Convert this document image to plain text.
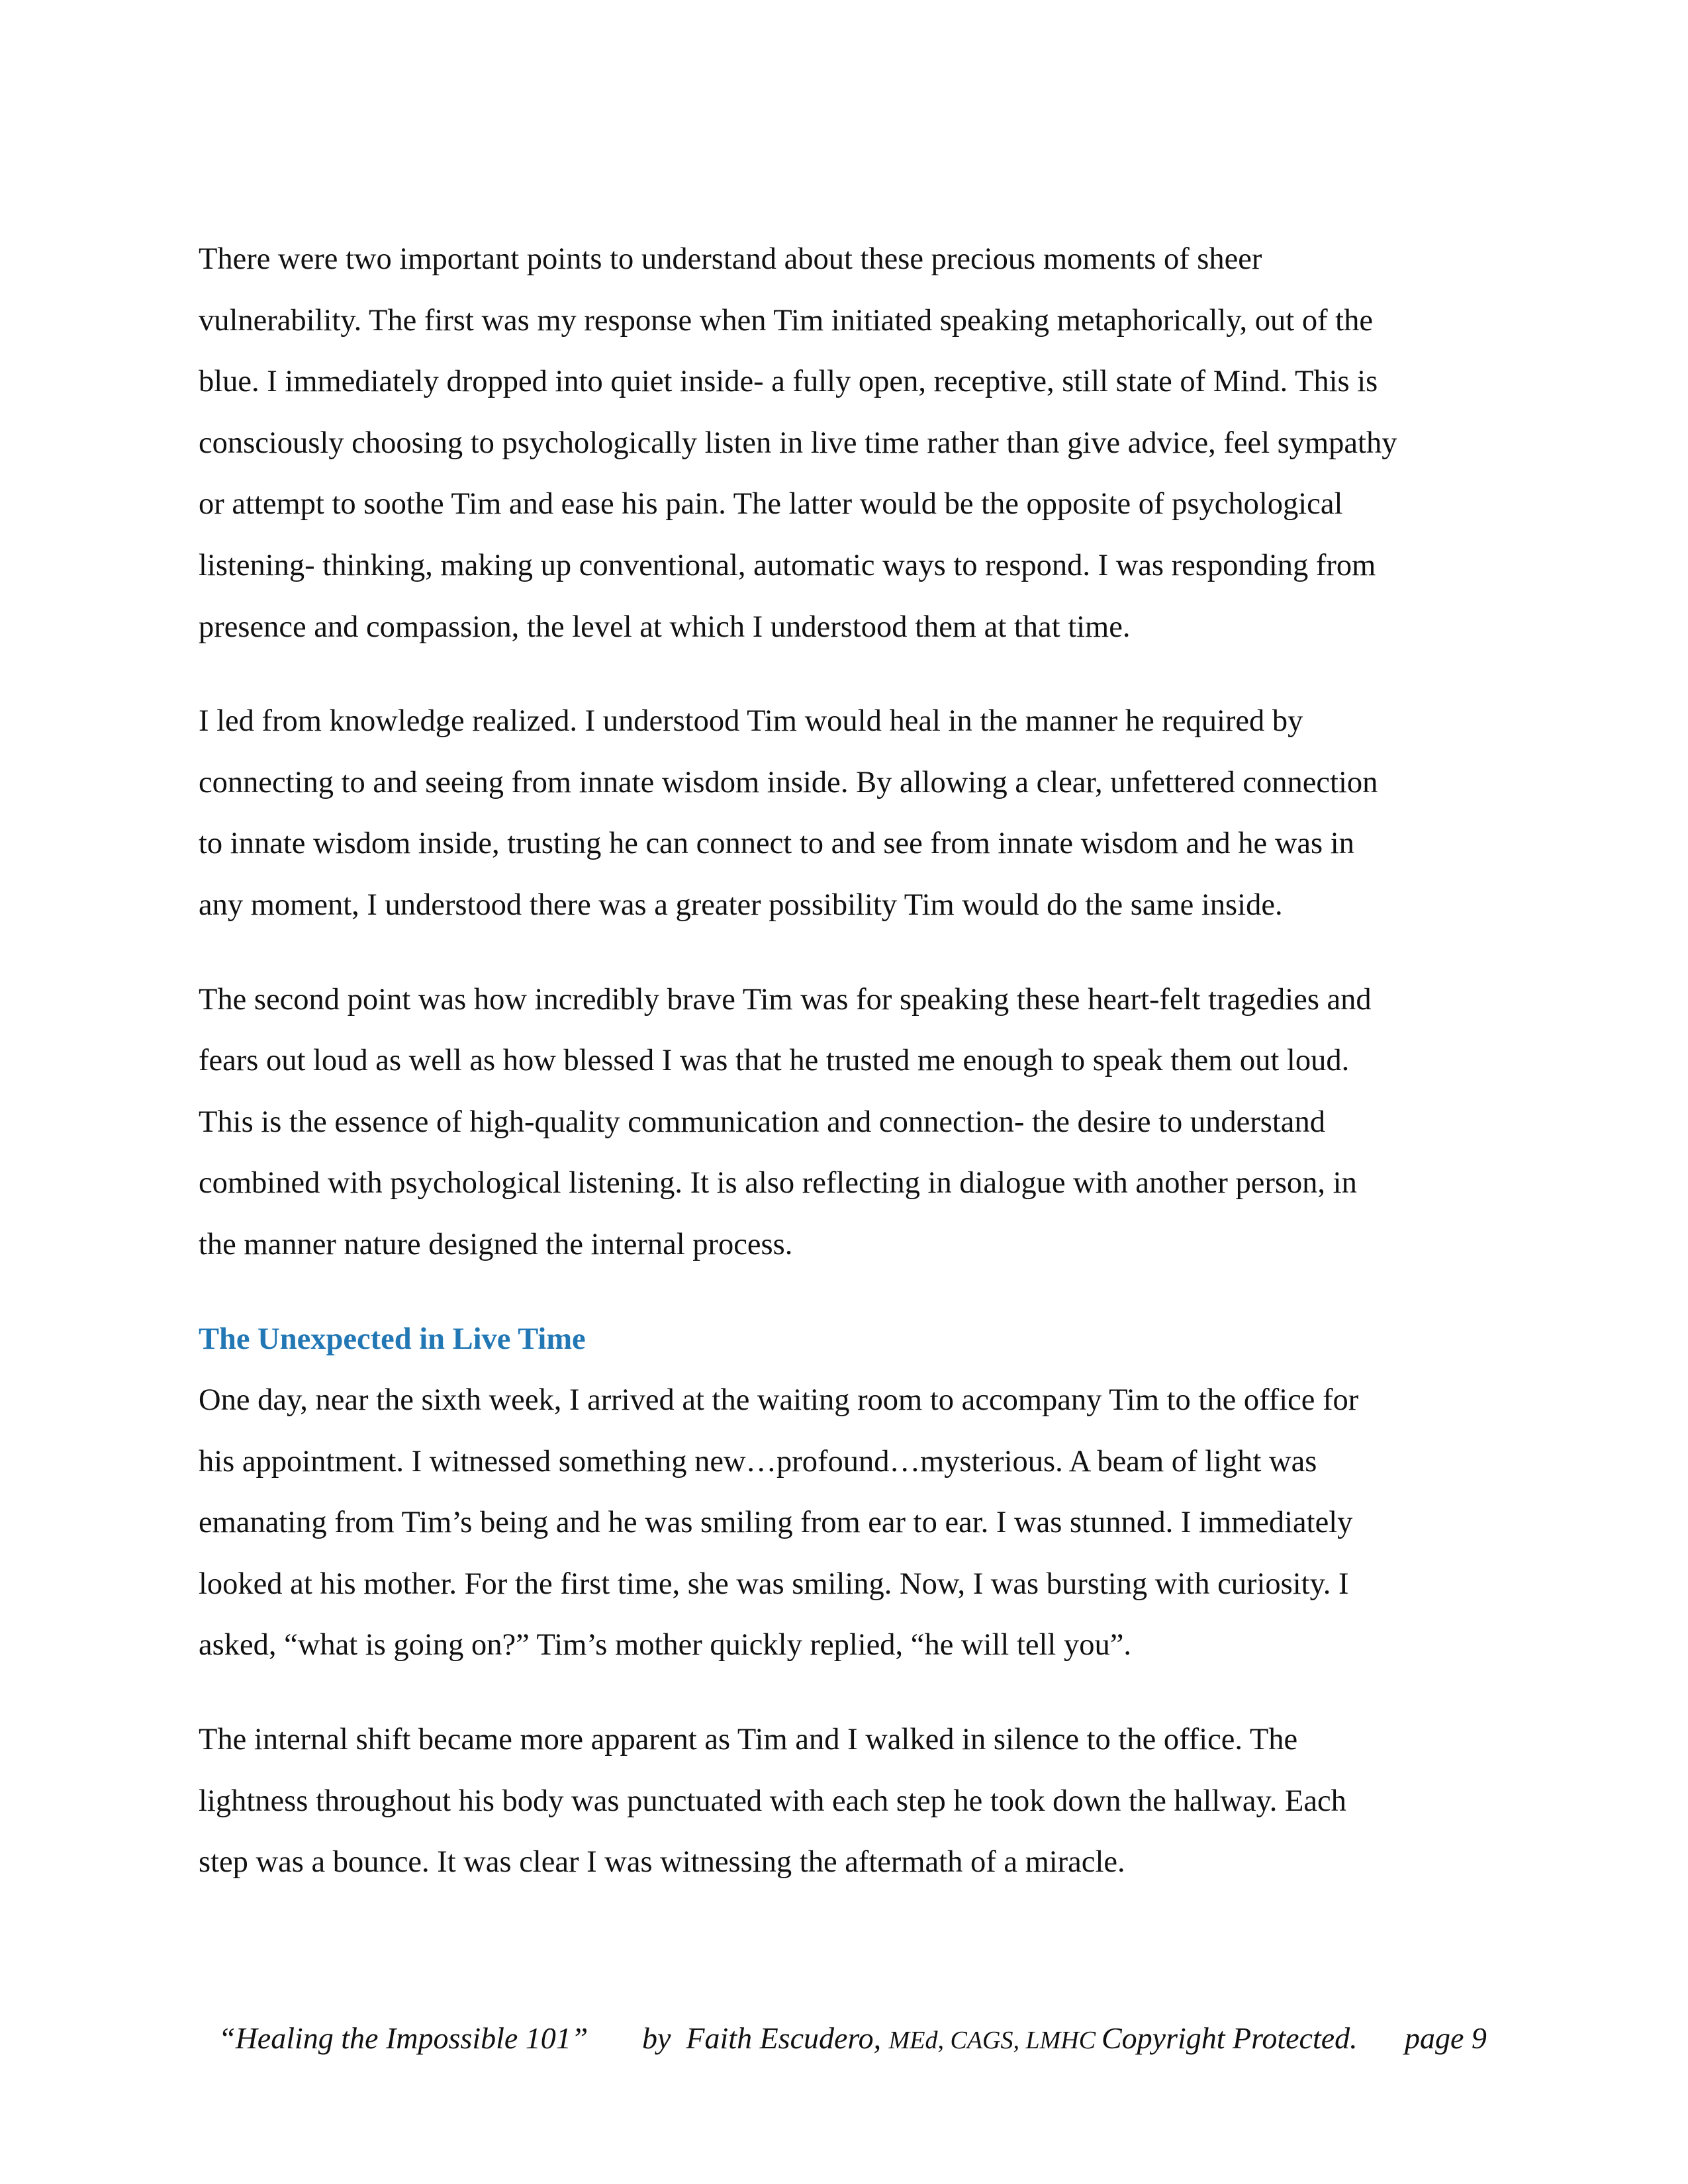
There were two important points to understand about these precious moments of sheer
vulnerability. The first was my response when Tim initiated speaking metaphorically, out of the
blue. I immediately dropped into quiet inside- a fully open, receptive, still state of Mind. This is
consciously choosing to psychologically listen in live time rather than give advice, feel sympathy
or attempt to soothe Tim and ease his pain. The latter would be the opposite of psychological
listening- thinking, making up conventional, automatic ways to respond. I was responding from
presence and compassion, the level at which I understood them at that time.

I led from knowledge realized. I understood Tim would heal in the manner he required by
connecting to and seeing from innate wisdom inside. By allowing a clear, unfettered connection
to innate wisdom inside, trusting he can connect to and see from innate wisdom and he was in
any moment, I understood there was a greater possibility Tim would do the same inside.

The second point was how incredibly brave Tim was for speaking these heart-felt tragedies and
fears out loud as well as how blessed I was that he trusted me enough to speak them out loud.
This is the essence of high-quality communication and connection- the desire to understand
combined with psychological listening. It is also reflecting in dialogue with another person, in
the manner nature designed the internal process.

The Unexpected in Live Time

One day, near the sixth week, I arrived at the waiting room to accompany Tim to the office for
his appointment. I witnessed something new…profound…mysterious. A beam of light was
emanating from Tim’s being and he was smiling from ear to ear. I was stunned. I immediately
looked at his mother. For the first time, she was smiling. Now, I was bursting with curiosity. I
asked, “what is going on?” Tim’s mother quickly replied, “he will tell you”.

The internal shift became more apparent as Tim and I walked in silence to the office. The
lightness throughout his body was punctuated with each step he took down the hallway. Each
step was a bounce. It was clear I was witnessing the aftermath of a miracle.

“Healing the Impossible 101” by Faith Escudero, MEd, CAGS, LMHC Copyright Protected. page 9
